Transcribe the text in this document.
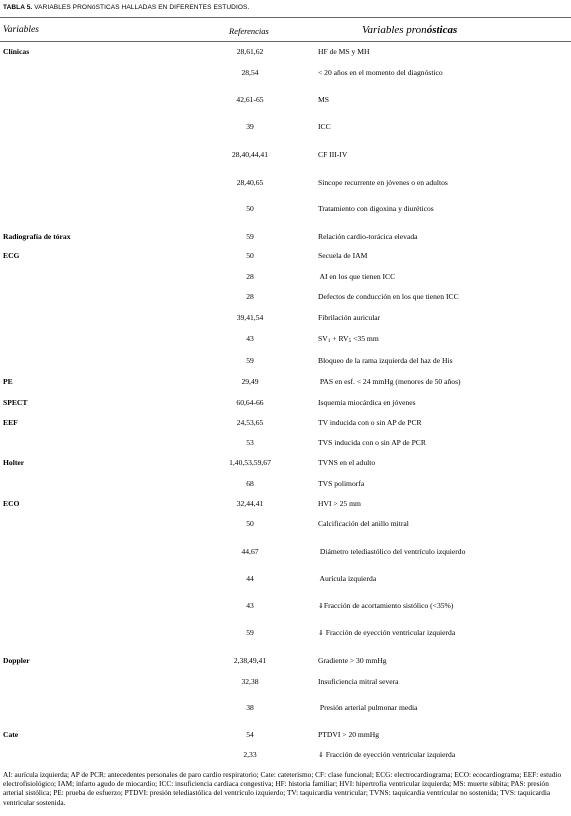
TABLA 5. VARIABLES PRONóSTICAS HALLADAS EN DIFERENTES ESTUDIOS.
Variables	Referencias	Variables pronósticas
Clínicas	28,61,62	HF de MS y MH
28,54	< 20 años en el momento del diagnóstico
42,61-65	MS
39	ICC
28,40,44,41	CF III-IV
28,40,65	Síncope recurrente en jóvenes o en adultos
50	Tratamiento con digoxina y diuréticos
Radiografía de tórax	59	Relación cardio-torácica elevada
ECG	50	Secuela de IAM
28	AI en los que tienen ICC
28	Defectos de conducción en los que tienen ICC
39,41,54	Fibrilación auricular
43	$SV_1 + RV_5 <35$ mm
59	Bloqueo de la rama izquierda del haz de His
PE	29,49	PAS en esf. < 24 mmHg (menores de 50 años)
SPECT	60,64-66	Isquemia miocárdica en jóvenes
EEF	24,53,65	TV inducida con o sin AP de PCR
53	TVS inducida con o sin AP de PCR
Holter	1,40,53,59,67	TVNS en el adulto
68	TVS polimorfa
ECO	32,44,41	HVI > 25 mm
50	Calcificación del anillo mitral
44,67	Diámetro telediastólico del ventrículo izquierdo
44	Aurícula izquierda
43	⇓Fracción de acortamiento sistólico (<35%)
59	⇓ Fracción de eyección ventricular izquierda
Doppler	2,38,49,41	Gradiente > 30 mmHg
32,38	Insuficiencia mitral severa
38	Presión arterial pulmonar media
Cate	54	PTDVI > 20 mmHg
2,33	⇓ Fracción de eyección ventricular izquierda
AI: aurícula izquierda; AP de PCR: antecedentes personales de paro cardio respiratorio; Cate: cateterismo; CF: clase funcional; ECG: electrocardiograma; ECO: ecocardiograma; EEF: estudio electrofisiológico; IAM; infarto agudo de miocardio; ICC: insuficiencia cardiaca congestiva; HF: historia familiar; HVI: hipertrofia ventricular izquierda; MS: muerte súbita; PAS: presión arterial sistólica; PE: prueba de esfuerzo; PTDVI: presión telediastólica del ventrículo izquierdo; TV: taquicardia ventricular; TVNS: taquicardia ventricular no sostenida; TVS: taquicardia ventricular sostenida.
